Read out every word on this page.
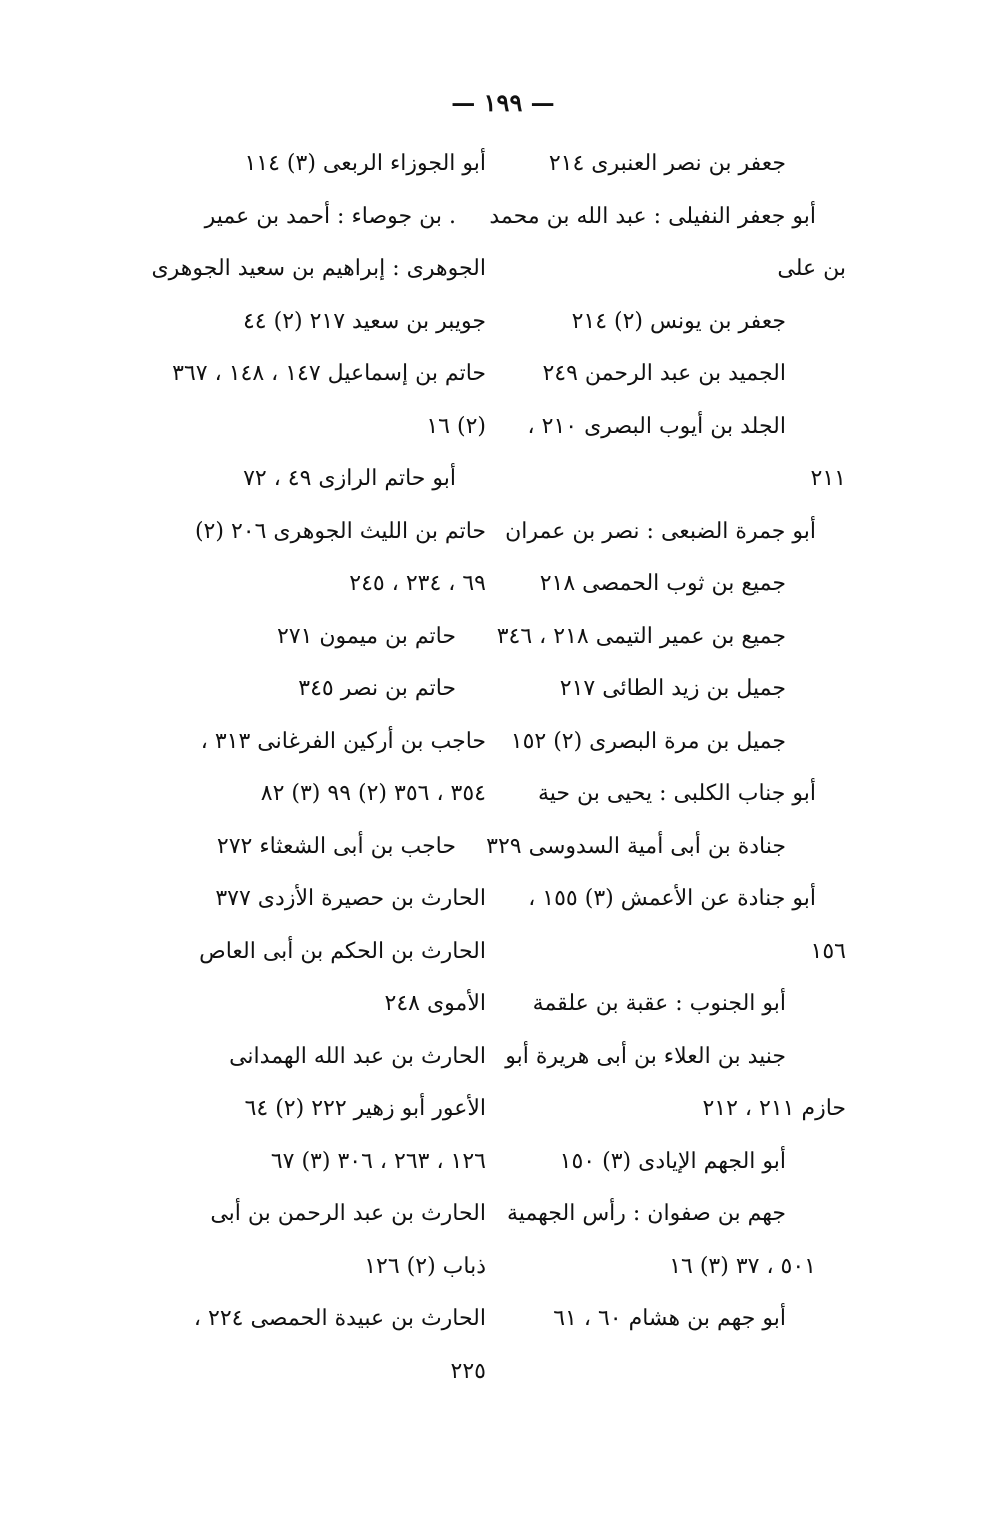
— ١٩٩ —
جعفر بن نصر العنبرى ٢١٤
أبو جعفر النفيلى : عبد الله بن محمد
بن على
جعفر بن يونس (٢) ٢١٤
الجميد بن عبد الرحمن ٢٤٩
الجلد بن أيوب البصرى ٢١٠ ،
٢١١
أبو جمرة الضبعى : نصر بن عمران
جميع بن ثوب الحمصى ٢١٨
جميع بن عمير التيمى ٢١٨ ، ٣٤٦
جميل بن زيد الطائى ٢١٧
جميل بن مرة البصرى (٢) ١٥٢
أبو جناب الكلبى : يحيى بن حية
جنادة بن أبى أمية السدوسى ٣٢٩
أبو جنادة عن الأعمش (٣) ١٥٥ ،
١٥٦
أبو الجنوب : عقبة بن علقمة
جنيد بن العلاء بن أبى هريرة أبو
حازم ٢١١ ، ٢١٢
أبو الجهم الإيادى (٣) ١٥٠
جهم بن صفوان : رأس الجهمية
٥٠١ ، ٣٧ (٣) ١٦
أبو جهم بن هشام ٦٠ ، ٦١
أبو الجوزاء الربعى (٣) ١١٤
. بن جوصاء : أحمد بن عمير
الجوهرى : إبراهيم بن سعيد الجوهرى
جويبر بن سعيد ٢١٧ (٢) ٤٤
حاتم بن إسماعيل ١٤٧ ، ١٤٨ ، ٣٦٧
(٢) ١٦
أبو حاتم الرازى ٤٩ ، ٧٢
حاتم بن الليث الجوهرى ٢٠٦ (٢)
٦٩ ، ٢٣٤ ، ٢٤٥
حاتم بن ميمون ٢٧١
حاتم بن نصر ٣٤٥
حاجب بن أركين الفرغانى ٣١٣ ،
٣٥٤ ، ٣٥٦ (٢) ٩٩ (٣) ٨٢
حاجب بن أبى الشعثاء ٢٧٢
الحارث بن حصيرة الأزدى ٣٧٧
الحارث بن الحكم بن أبى العاص
الأموى ٢٤٨
الحارث بن عبد الله الهمدانى
الأعور أبو زهير ٢٢٢ (٢) ٦٤
١٢٦ ، ٢٦٣ ، ٣٠٦ (٣) ٦٧
الحارث بن عبد الرحمن بن أبى
ذباب (٢) ١٢٦
الحارث بن عبيدة الحمصى ٢٢٤ ،
٢٢٥
